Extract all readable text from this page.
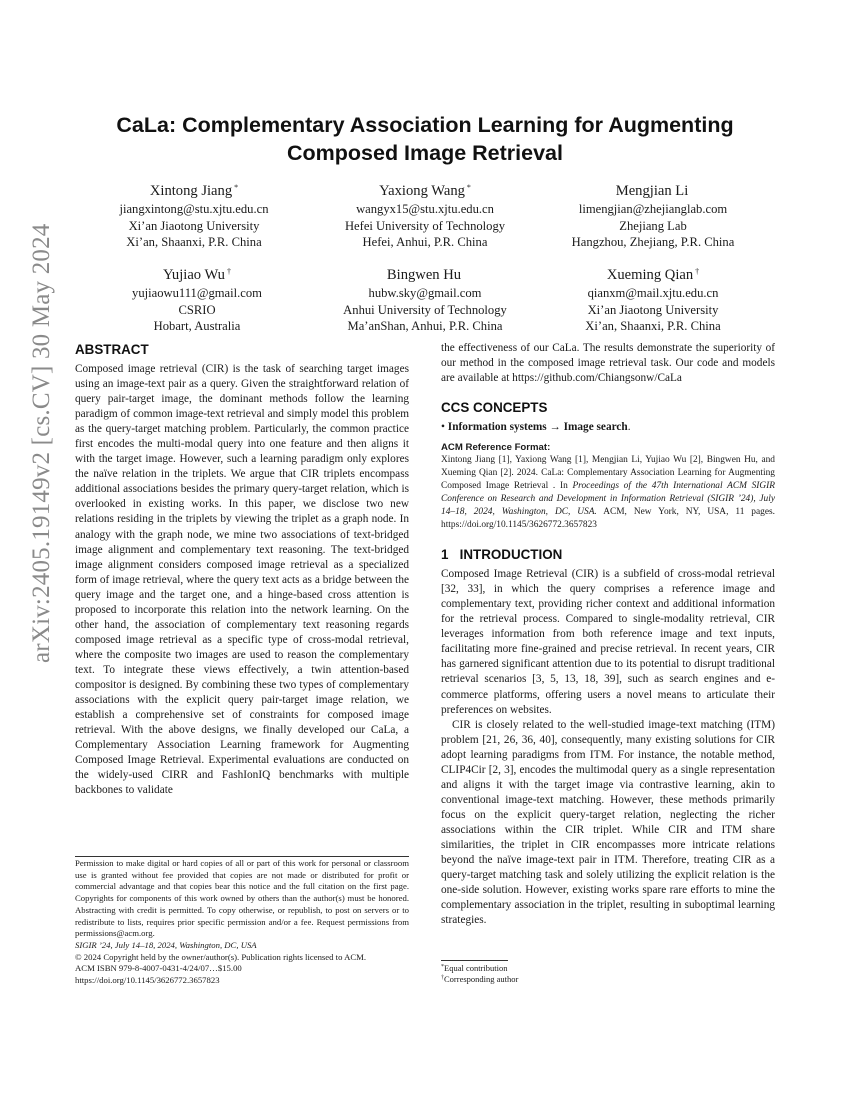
arXiv:2405.19149v2 [cs.CV] 30 May 2024
CaLa: Complementary Association Learning for Augmenting
Composed Image Retrieval
Xintong Jiang *
jiangxintong@stu.xjtu.edu.cn
Xi’an Jiaotong University
Xi’an, Shaanxi, P.R. China
Yaxiong Wang *
wangyx15@stu.xjtu.edu.cn
Hefei University of Technology
Hefei, Anhui, P.R. China
Mengjian Li
limengjian@zhejianglab.com
Zhejiang Lab
Hangzhou, Zhejiang, P.R. China
Yujiao Wu †
yujiaowu111@gmail.com
CSRIO
Hobart, Australia
Bingwen Hu
hubw.sky@gmail.com
Anhui University of Technology
Ma’anShan, Anhui, P.R. China
Xueming Qian †
qianxm@mail.xjtu.edu.cn
Xi’an Jiaotong University
Xi’an, Shaanxi, P.R. China
ABSTRACT

Composed image retrieval (CIR) is the task of searching target images using an image-text pair as a query. Given the straightforward relation of query pair-target image, the dominant methods follow the learning paradigm of common image-text retrieval and simply model this problem as the query-target matching problem. Particularly, the common practice first encodes the multi-modal query into one feature and then aligns it with the target image. However, such a learning paradigm only explores the naïve relation in the triplets. We argue that CIR triplets encompass additional associations besides the primary query-target relation, which is overlooked in existing works. In this paper, we disclose two new relations residing in the triplets by viewing the triplet as a graph node. In analogy with the graph node, we mine two associations of text-bridged image alignment and complementary text reasoning. The text-bridged image alignment considers composed image retrieval as a specialized form of image retrieval, where the query text acts as a bridge between the query image and the target one, and a hinge-based cross attention is proposed to incorporate this relation into the network learning. On the other hand, the association of complementary text reasoning regards composed image retrieval as a specific type of cross-modal retrieval, where the composite two images are used to reason the complementary text. To integrate these views effectively, a twin attention-based compositor is designed. By combining these two types of complementary associations with the explicit query pair-target image relation, we establish a comprehensive set of constraints for composed image retrieval. With the above designs, we finally developed our CaLa, a Complementary Association Learning framework for Augmenting Composed Image Retrieval. Experimental evaluations are conducted on the widely-used CIRR and FashIonIQ benchmarks with multiple backbones to validate

Permission to make digital or hard copies of all or part of this work for personal or classroom use is granted without fee provided that copies are not made or distributed for profit or commercial advantage and that copies bear this notice and the full citation on the first page. Copyrights for components of this work owned by others than the author(s) must be honored. Abstracting with credit is permitted. To copy otherwise, or republish, to post on servers or to redistribute to lists, requires prior specific permission and/or a fee. Request permissions from permissions@acm.org.
SIGIR ’24, July 14–18, 2024, Washington, DC, USA
© 2024 Copyright held by the owner/author(s). Publication rights licensed to ACM.
ACM ISBN 979-8-4007-0431-4/24/07…$15.00
https://doi.org/10.1145/3626772.3657823

the effectiveness of our CaLa. The results demonstrate the superiority of our method in the composed image retrieval task. Our code and models are available at https://github.com/Chiangsonw/CaLa

CCS CONCEPTS
• Information systems → Image search.
ACM Reference Format:
Xintong Jiang [1], Yaxiong Wang [1], Mengjian Li, Yujiao Wu [2], Bingwen Hu, and Xueming Qian [2]. 2024. CaLa: Complementary Association Learning for Augmenting Composed Image Retrieval . In Proceedings of the 47th International ACM SIGIR Conference on Research and Development in Information Retrieval (SIGIR ’24), July 14–18, 2024, Washington, DC, USA. ACM, New York, NY, USA, 11 pages. https://doi.org/10.1145/3626772.3657823
1 INTRODUCTION

Composed Image Retrieval (CIR) is a subfield of cross-modal retrieval [32, 33], in which the query comprises a reference image and complementary text, providing richer context and additional information for the retrieval process. Compared to single-modality retrieval, CIR leverages information from both reference image and text inputs, facilitating more fine-grained and precise retrieval. In recent years, CIR has garnered significant attention due to its potential to disrupt traditional retrieval scenarios [3, 5, 13, 18, 39], such as search engines and e-commerce platforms, offering users a novel means to articulate their preferences on websites.

CIR is closely related to the well-studied image-text matching (ITM) problem [21, 26, 36, 40], consequently, many existing solutions for CIR adopt learning paradigms from ITM. For instance, the notable method, CLIP4Cir [2, 3], encodes the multimodal query as a single representation and aligns it with the target image via contrastive learning, akin to conventional image-text matching. However, these methods primarily focus on the explicit query-target relation, neglecting the richer associations within the CIR triplet. While CIR and ITM share similarities, the triplet in CIR encompasses more intricate relations beyond the naïve image-text pair in ITM. Therefore, treating CIR as a query-target matching task and solely utilizing the explicit relation is the one-side solution. However, existing works spare rare efforts to mine the complementary association in the triplet, resulting in suboptimal learning strategies.

*Equal contribution
†Corresponding author
